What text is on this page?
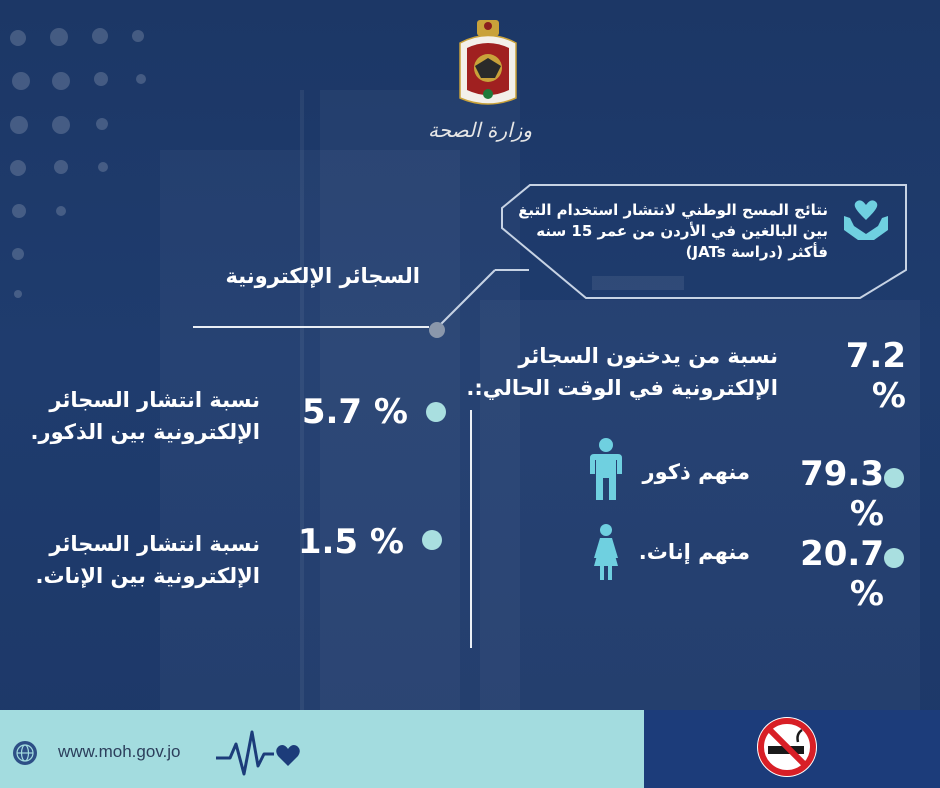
وزارة الصحة
نتائج المسح الوطني لانتشار استخدام التبغ
بين البالغين في الأردن من عمر 15 سنه
فأكثر (دراسة JATs)
السجائر الإلكترونية
7.2 %
نسبة من يدخنون السجائر
الإلكترونية في الوقت الحالي:.
79.3 %
منهم ذكور
20.7 %
منهم إناث.
5.7 %
نسبة انتشار السجائر
الإلكترونية بين الذكور.
1.5 %
نسبة انتشار السجائر
الإلكترونية بين الإناث.
www.moh.gov.jo
